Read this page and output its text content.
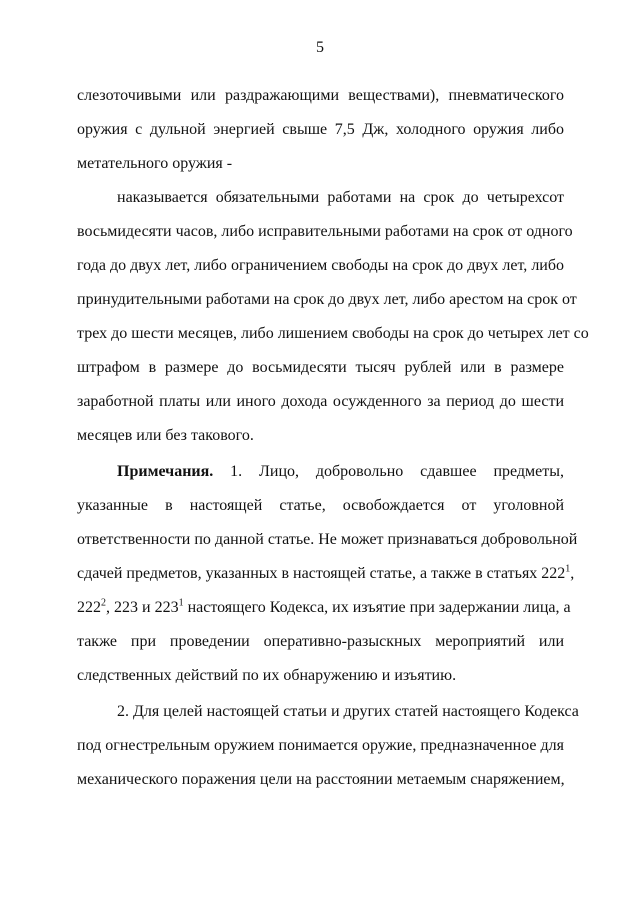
5
слезоточивыми или раздражающими веществами), пневматического
оружия с дульной энергией свыше 7,5 Дж, холодного оружия либо
метательного оружия -
наказывается обязательными работами на срок до четырехсот
восьмидесяти часов, либо исправительными работами на срок от одного
года до двух лет, либо ограничением свободы на срок до двух лет, либо
принудительными работами на срок до двух лет, либо арестом на срок от
трех до шести месяцев, либо лишением свободы на срок до четырех лет со
штрафом в размере до восьмидесяти тысяч рублей или в размере
заработной платы или иного дохода осужденного за период до шести
месяцев или без такового.
Примечания. 1. Лицо, добровольно сдавшее предметы,
указанные в настоящей статье, освобождается от уголовной
ответственности по данной статье. Не может признаваться добровольной
сдачей предметов, указанных в настоящей статье, а также в статьях $222^1$,
$222^2$, 223 и $223^1$ настоящего Кодекса, их изъятие при задержании лица, а
также при проведении оперативно-разыскных мероприятий или
следственных действий по их обнаружению и изъятию.
2. Для целей настоящей статьи и других статей настоящего Кодекса
под огнестрельным оружием понимается оружие, предназначенное для
механического поражения цели на расстоянии метаемым снаряжением,
